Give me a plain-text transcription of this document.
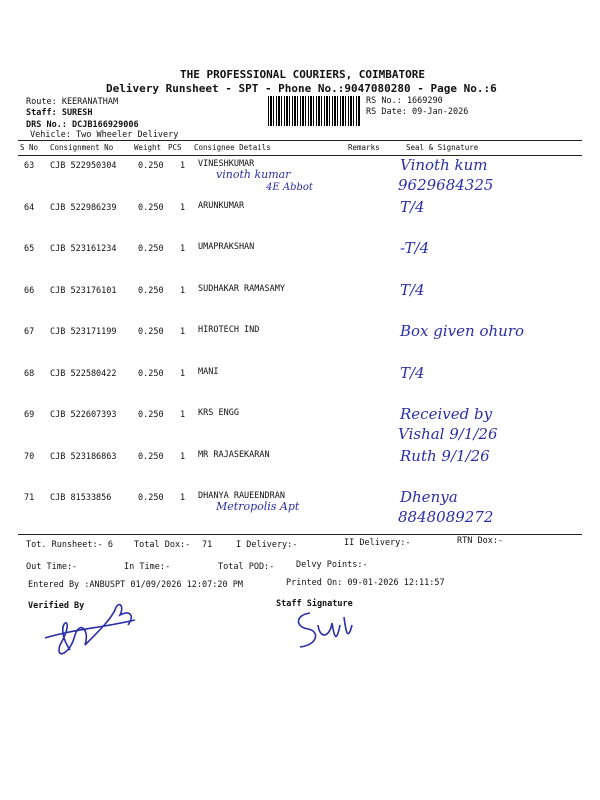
THE PROFESSIONAL COURIERS, COIMBATORE
Delivery Runsheet - SPT - Phone No.:9047080280 - Page No.:6
Route: KEERANATHAM
Staff: SURESH
DRS No.: DCJB166929006
Vehicle: Two Wheeler Delivery
RS No.: 1669290
RS Date: 09-Jan-2026
S No Consignment No	Weight PCS Consignee Details	Remarks	Seal & Signature
63 CJB 522950304	0.250 1 VINESHKUMAR
vinoth kumar
4E Abbot
Vinoth kum
9629684325
64 CJB 522986239	0.250 1 ARUNKUMAR	T/4
65 CJB 523161234	0.250 1 UMAPRAKSHAN	-T/4
66 CJB 523176101	0.250 1 SUDHAKAR RAMASAMY	T/4
67 CJB 523171199	0.250 1 HIROTECH IND	Box given ohuro
68 CJB 522580422	0.250 1 MANI	T/4
69 CJB 522607393	0.250 1 KRS ENGG	Received by
Vishal 9/1/26
70 CJB 523186863	0.250 1 MR RAJASEKARAN	Ruth 9/1/26
71 CJB 81533856	0.250 1 DHANYA RAUEENDRAN
Metropolis Apt
Dhenya
8848089272
Tot. Runsheet:- 6 Total Dox:- 71	I Delivery:-	II Delivery:-	RTN Dox:-
Out Time:-	In Time:-	Total POD:-	Delvy Points:-
Entered By :ANBUSPT 01/09/2026 12:07:20 PM	Printed On: 09-01-2026 12:11:57
Verified By	Staff Signature
